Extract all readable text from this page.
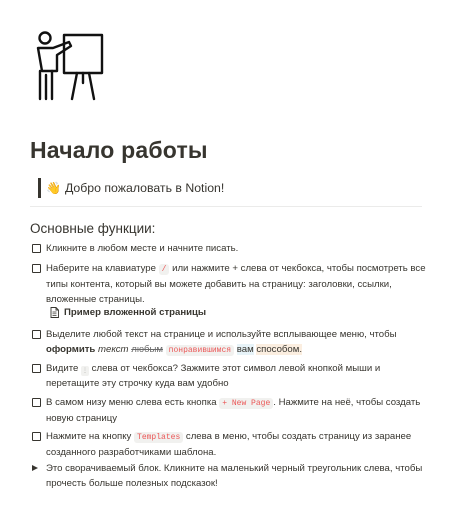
Начало работы
👋 Добро пожаловать в Notion!
Основные функции:
Кликните в любом месте и начните писать.
Наберите на клавиатуре / или нажмите + слева от чекбокса, чтобы посмотреть все типы контента, который вы можете добавить на страницу: заголовки, ссылки, вложенные страницы.
Пример вложенной страницы
Выделите любой текст на странице и используйте всплывающее меню, чтобы оформить текст любым понравившимся вам способом.
Видите ⋮ слева от чекбокса? Зажмите этот символ левой кнопкой мыши и перетащите эту строчку куда вам удобно
В самом низу меню слева есть кнопка + New Page . Нажмите на неё, чтобы создать новую страницу
Нажмите на кнопку Templates слева в меню, чтобы создать страницу из заранее созданного разработчиками шаблона.
Это сворачиваемый блок. Кликните на маленький черный треугольник слева, чтобы прочесть больше полезных подсказок!
